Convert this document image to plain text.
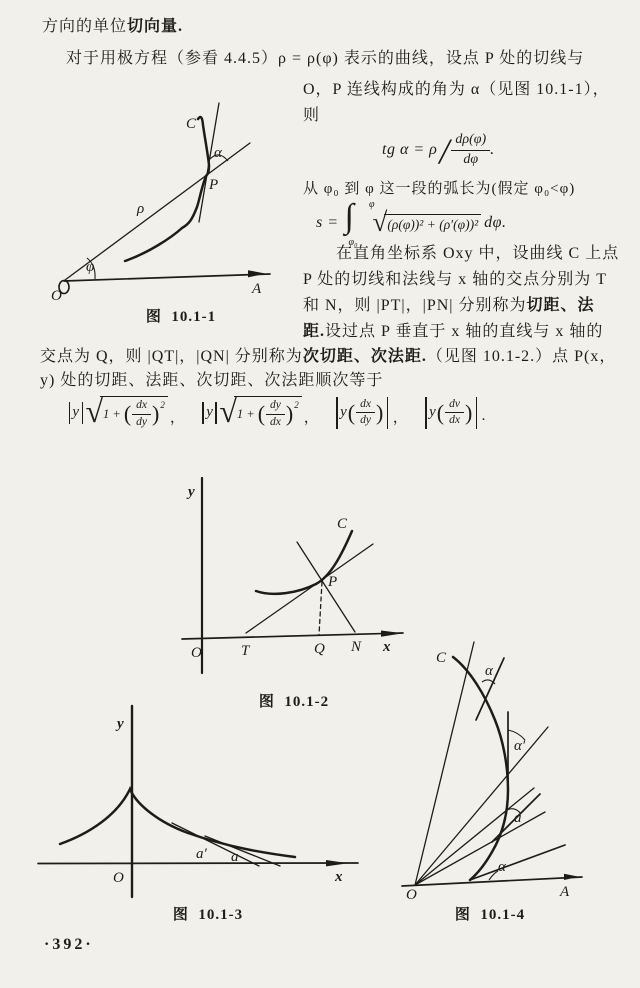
方向的单位切向量.
对于用极方程（参看 4.4.5）ρ = ρ(φ) 表示的曲线，设点 P 处的切线与
O，P 连线构成的角为 α（见图 10.1-1），
则
tg $\alpha = \rho / \frac{d\rho(\varphi)}{d\varphi}$ .
从 φ₀ 到 φ 这一段的弧长为(假定 φ₀<φ)
s = ∫ φ
φ₀
√ (ρ(φ))² + (ρ′(φ))² dφ.
在直角坐标系 Oxy 中，设曲线 C 上点
P 处的切线和法线与 x 轴的交点分别为 T
和 N，则 |PT|，|PN| 分别称为切距、法
距.设过点 P 垂直于 x 轴的直线与 x 轴的
交点为 Q，则 |QT|，|QN| 分别称为次切距、次法距.（见图 10.1-2.）点 P(x，
y) 处的切距、法距、次切距、次法距顺次等于
y √ 1 + ( $\frac{dx}{dy}$ ) 2
， y √ 1 + ( $\frac{dy}{dx}$ ) 2
， y ( $\frac{dx}{dy}$ ) ， y ( $\frac{dv}{dx}$ ) .
C
α
P
ρ
φ
O	A
图  10.1-1
y
C
P
O	T	Q N x
图  10.1-2
y
a′ a
O	x
图  10.1-3
C
α
α′
a
α
O	A
图  10.1-4
·392·
